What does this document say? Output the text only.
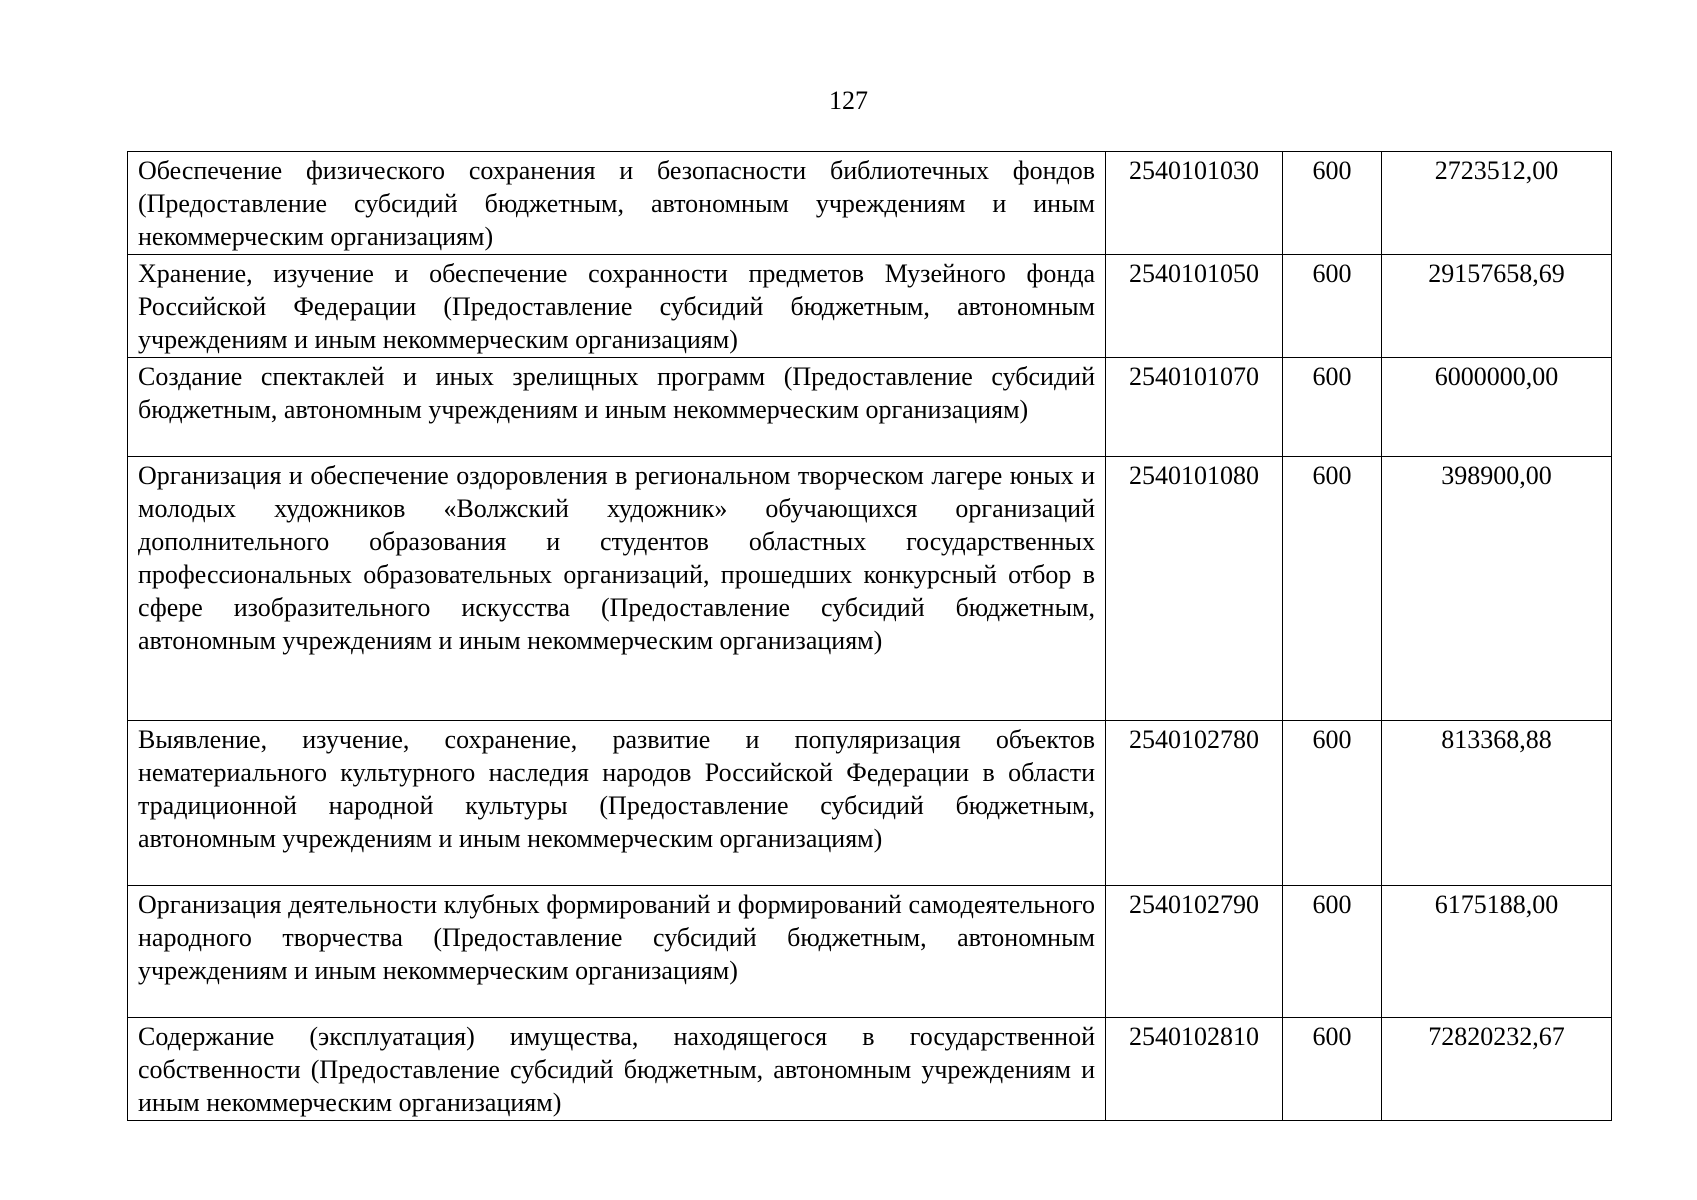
127
Обеспечение физического сохранения и безопасности библиотечных фондов (Предоставление субсидий бюджетным, автономным учреждениям и иным некоммерческим организациям)	2540101030	600	2723512,00
Хранение, изучение и обеспечение сохранности предметов Музейного фонда Российской Федерации (Предоставление субсидий бюджетным, автономным учреждениям и иным некоммерческим организациям)	2540101050	600	29157658,69
Создание спектаклей и иных зрелищных программ (Предоставление субсидий бюджетным, автономным учреждениям и иным некоммерческим организациям)	2540101070	600	6000000,00
Организация и обеспечение оздоровления в региональном творческом лагере юных и молодых художников «Волжский художник» обучающихся организаций дополнительного образования и студентов областных государственных профессиональных образовательных организаций, прошедших конкурсный отбор в сфере изобразительного искусства (Предоставление субсидий бюджетным, автономным учреждениям и иным некоммерческим организациям)	2540101080	600	398900,00
Выявление, изучение, сохранение, развитие и популяризация объектов нематериального культурного наследия народов Российской Федерации в области традиционной народной культуры (Предоставление субсидий бюджетным, автономным учреждениям и иным некоммерческим организациям)	2540102780	600	813368,88
Организация деятельности клубных формирований и формирований самодеятельного народного творчества (Предоставление субсидий бюджетным, автономным учреждениям и иным некоммерческим организациям)	2540102790	600	6175188,00
Содержание (эксплуатация) имущества, находящегося в государственной собственности (Предоставление субсидий бюджетным, автономным учреждениям и иным некоммерческим организациям)	2540102810	600	72820232,67
